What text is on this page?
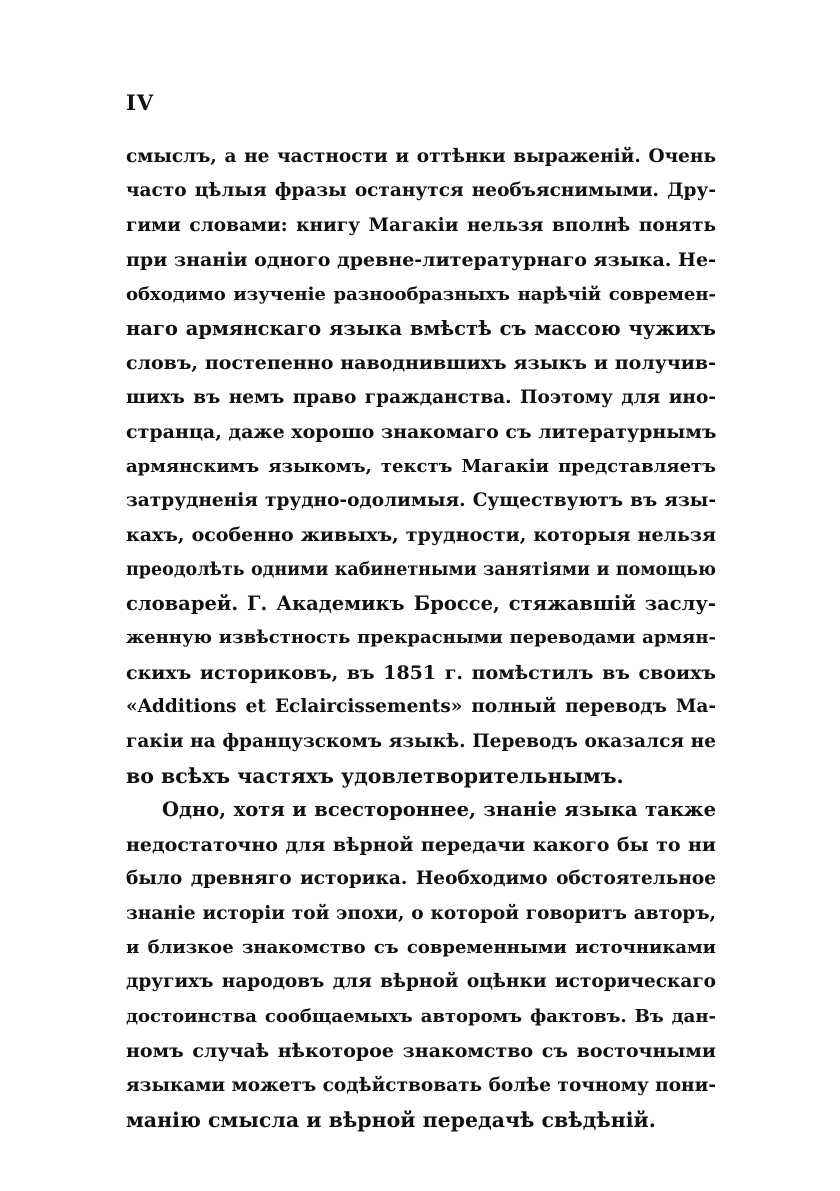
IV

смыслъ, а не частности и оттѣнки выраженій. Очень
часто цѣлыя фразы останутся необъяснимыми. Дру-
гими словами: книгу Магакіи нельзя вполнѣ понять
при знаніи одного древне-литературнаго языка. Не-
обходимо изученіе разнообразныхъ нарѣчій современ-
наго армянскаго языка вмѣстѣ съ массою чужихъ
словъ, постепенно наводнившихъ языкъ и получив-
шихъ въ немъ право гражданства. Поэтому для ино-
странца, даже хорошо знакомаго съ литературнымъ
армянскимъ языкомъ, текстъ Магакіи представляетъ
затрудненія трудно-одолимыя. Существуютъ въ язы-
кахъ, особенно живыхъ, трудности, которыя нельзя
преодолѣть одними кабинетными занятіями и помощью
словарей. Г. Академикъ Броссе, стяжавшій заслу-
женную извѣстность прекрасными переводами армян-
скихъ историковъ, въ 1851 г. помѣстилъ въ своихъ
«Additions et Eclaircissements» полный переводъ Ма-
гакіи на французскомъ языкѣ. Переводъ оказался не
во всѣхъ частяхъ удовлетворительнымъ.

Одно, хотя и всестороннее, знаніе языка также
недостаточно для вѣрной передачи какого бы то ни
было древняго историка. Необходимо обстоятельное
знаніе исторіи той эпохи, о которой говоритъ авторъ,
и близкое знакомство съ современными источниками
другихъ народовъ для вѣрной оцѣнки историческаго
достоинства сообщаемыхъ авторомъ фактовъ. Въ дан-
номъ случаѣ нѣкоторое знакомство съ восточными
языками можетъ содѣйствовать болѣе точному пони-
манію смысла и вѣрной передачѣ свѣдѣній.
